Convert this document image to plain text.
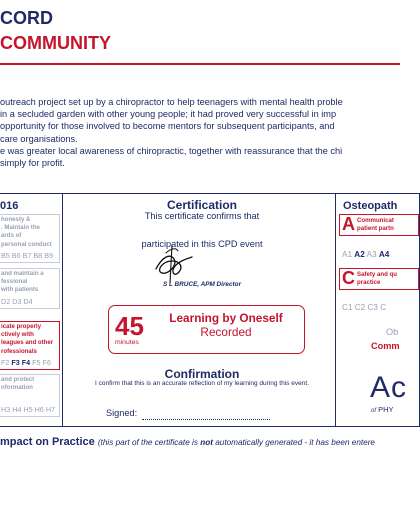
CORD
COMMUNITY

outreach project set up by a chiropractor to help teenagers with mental health proble

in a secluded garden with other young people; it had proved very successful in imp

opportunity for those involved to become mentors for subsequent participants, and

care organisations.

e was greater local awareness of chiropractic, together with reassurance that the chi

simply for profit.

016
honesty &
. Maintain the
ards of
personal conduct
B5 B6 B7 B8 B9
and maintain a
fessional
with patients
D2 D3 D4
icate properly
ctively with
leagues and other
rofessionals
F2 F3 F4 F5 F6
and protect
nformation
H3 H4 H5 H6 H7
Certification
This certificate confirms that
participated in this CPD event
S L BRUCE, APM Director
45
minutes
Learning by Oneself
Recorded
Confirmation
I confirm that this is an accurate reflection of my learning during this event.
Signed:
Osteopath
A Communicat
patient partn
A1 A2 A3 A4
C Safety and qu
practice
C1 C2 C3 C
Ob
Comm
Ac
of PHY
mpact on Practice (this part of the certificate is not automatically generated - it has been entere
